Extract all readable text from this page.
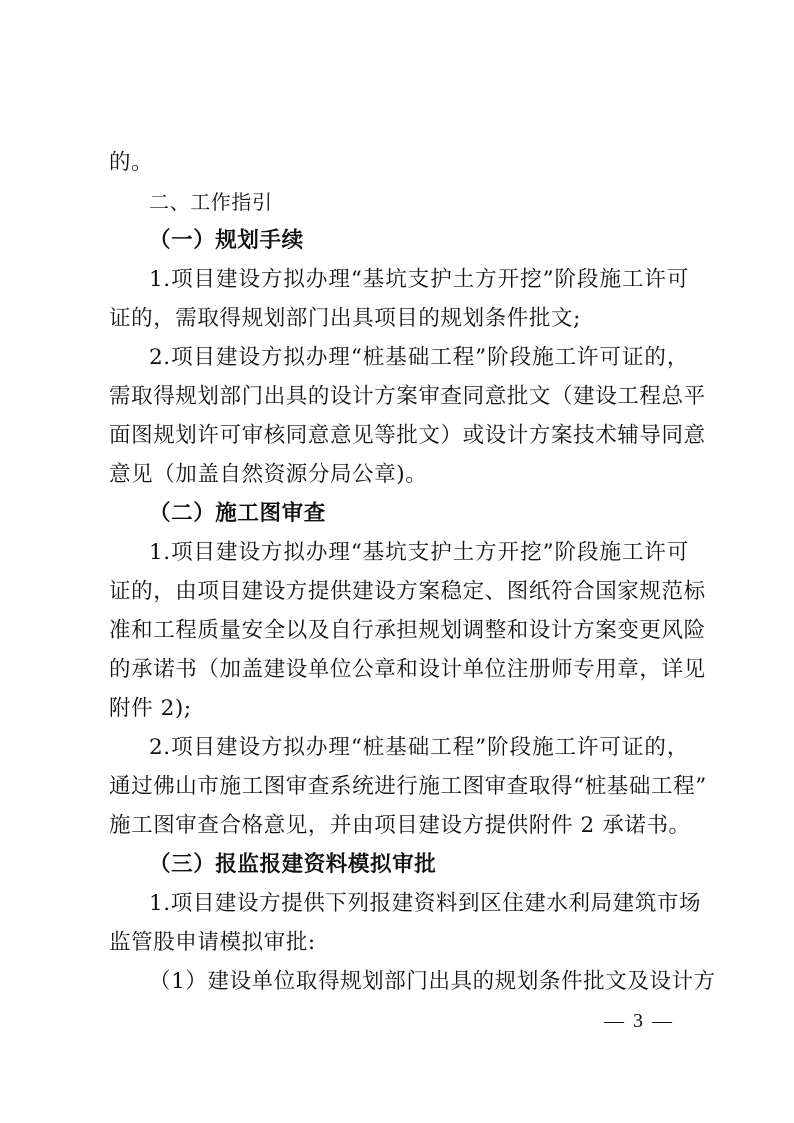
的。
二、工作指引
（一）规划手续
1.项目建设方拟办理“基坑支护土方开挖”阶段施工许可
证的，需取得规划部门出具项目的规划条件批文;
2.项目建设方拟办理“桩基础工程”阶段施工许可证的，
需取得规划部门出具的设计方案审查同意批文（建设工程总平
面图规划许可审核同意意见等批文）或设计方案技术辅导同意
意见（加盖自然资源分局公章)。
（二）施工图审查
1.项目建设方拟办理“基坑支护土方开挖”阶段施工许可
证的，由项目建设方提供建设方案稳定、图纸符合国家规范标
准和工程质量安全以及自行承担规划调整和设计方案变更风险
的承诺书（加盖建设单位公章和设计单位注册师专用章，详见
附件 2);
2.项目建设方拟办理“桩基础工程”阶段施工许可证的，
通过佛山市施工图审查系统进行施工图审查取得“桩基础工程”
施工图审查合格意见，并由项目建设方提供附件 2 承诺书。
（三）报监报建资料模拟审批
1.项目建设方提供下列报建资料到区住建水利局建筑市场
监管股申请模拟审批:
（1）建设单位取得规划部门出具的规划条件批文及设计方
— 3 —
